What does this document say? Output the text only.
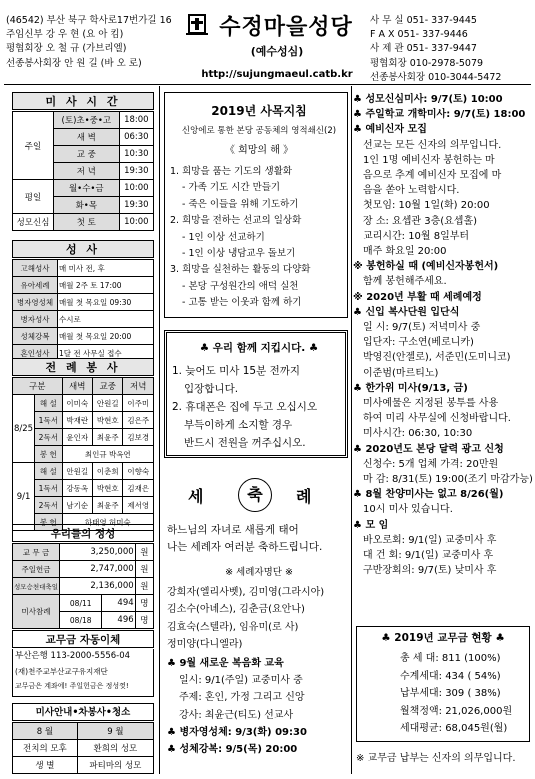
(46542) 부산 북구 학사로17번가길 16
주임신부 강 우 현 (요 아 킴)
평협회장 오 철 규 (가브리엘)
선종봉사회장 안 원 길 (바 오 로)
수정마을성당
(예수성심)
http://sujungmaeul.catb.kr
사 무 실 051- 337-9445
F A X 051- 337-9446
사 제 관 051- 337-9447
평협회장 010-2978-5079
선종봉사회장 010-3044-5472
미 사 시 간
주일	(토)초•중•고	18:00
	새 벽	06:30
	교 중	10:30
	저 녁	19:30
평일	월•수•금	10:00
	화•목	19:30
성모신심	첫 토	10:00
성 사
고해성사	매 미사 전, 후
유아세례	매월 2주 토 17:00
병자영성체	매월 첫 목요일 09:30
병자성사	수시로
성체강복	매월 첫 목요일 20:00
혼인성사	1달 전 사무실 접수
전 례 봉 사
구분		새벽	교중	저녁
8/25	해 설	이미숙	안원길	이주미
	1독서	박재란	박현호	김은주
	2독서	윤인자	최윤주	김보경
	봉 헌	최인규 박옥연		
9/1	해 설	안원길	이춘희	이향숙
	1독서	강동옥	박현호	김재은
	2독서	남기순	최윤주	제서영
	봉 헌	하태영 허미숙		
우리들의 정성
교 무 금	3,250,000		원
주일헌금	2,747,000		원
성모승천대축일	2,136,000		원
미사참례	08/11	494	명
	08/18	496	명
교무금 자동이체
부산은행 113-2000-5556-04
(재)천주교부산교구유지재단
교무금은 계좌에! 주일헌금은 정성껏!
미사안내•차봉사•청소
8 월	9 월
전치의 모후	환희의 성모
생 별	파티마의 성모
2019년 사목지침
신앙에로 통한 본당 공동체의 영적쇄신(2)
《 희망의 해 》
1. 희망을 품는 기도의 생활화
- 가족 기도 시간 만들기
- 죽은 이들을 위해 기도하기
2. 희망을 전하는 선교의 일상화
- 1인 이상 선교하기
- 1인 이상 냉담교우 돌보기
3. 희망을 실천하는 활동의 다양화
- 본당 구성원간의 애덕 실천
- 고통 받는 이웃과 함께 하기
♣ 우리 함께 지킵시다. ♣
1. 늦어도 미사 15분 전까지
입장합니다.
2. 휴대폰은 집에 두고 오십시오
부득이하게 소지할 경우
반드시 전원을 꺼주십시오.
세	축	례
하느님의 자녀로 새롭게 태어
나는 세례자 여러분 축하드립니다.
※ 세례자명단 ※
강희자(엘리사벳), 김미영(그라시아)
김소수(아녜스), 김춘금(요안나)
김효숙(스텔라), 임유미(로 사)
정미양(다니엘라)
♣ 9월 새로운 복음화 교육
일시: 9/1(주일) 교중미사 중
주제: 혼인, 가정 그리고 신앙
강사: 최윤근(티도) 선교사
♣ 병자영성체: 9/3(화) 09:30
♣ 성체강복: 9/5(목) 20:00
♣ 성모신심미사: 9/7(토) 10:00
♣ 주일학교 개학미사: 9/7(토) 18:00
♣ 예비신자 모집
선교는 모든 신자의 의무입니다.
1인 1명 예비신자 봉헌하는 마
음으로 추계 예비신자 모집에 마
음을 쏟아 노력합시다.
첫모임: 10월 1일(화) 20:00
장 소: 요셉관 3층(요셉홀)
교리시간: 10월 8일부터
매주 화요일 20:00
※ 봉헌하실 때 (예비신자봉헌서)
함께 봉헌해주세요.
※ 2020년 부활 때 세례예정
♣ 신입 복사단원 입단식
일 시: 9/7(토) 저녁미사 중
입단자: 구소연(베로니카)
박영진(안젤로), 서준민(도미니코)
이준범(마르티노)
♣ 한가위 미사(9/13, 금)
미사예물은 지정된 봉투를 사용
하여 미리 사무실에 신청바랍니다.
미사시간: 06:30, 10:30
♣ 2020년도 본당 달력 광고 신청
신청수: 5개 업체 가격: 20만원
마 감: 8/31(토) 19:00(조기 마감가능)
♣ 8월 찬양미사는 없고 8/26(월)
10시 미사 있습니다.
♣ 모 임
바오로회: 9/1(일) 교중미사 후
대 건 회: 9/1(일) 교중미사 후
구반장회의: 9/7(토) 낮미사 후
♣ 2019년 교무금 현황 ♣
총 세 대: 811 (100%)
수계세대: 434 ( 54%)
납부세대: 309 ( 38%)
월책정액: 21,026,000원
세대평균: 68,045원(월)
※ 교무금 납부는 신자의 의무입니다.
